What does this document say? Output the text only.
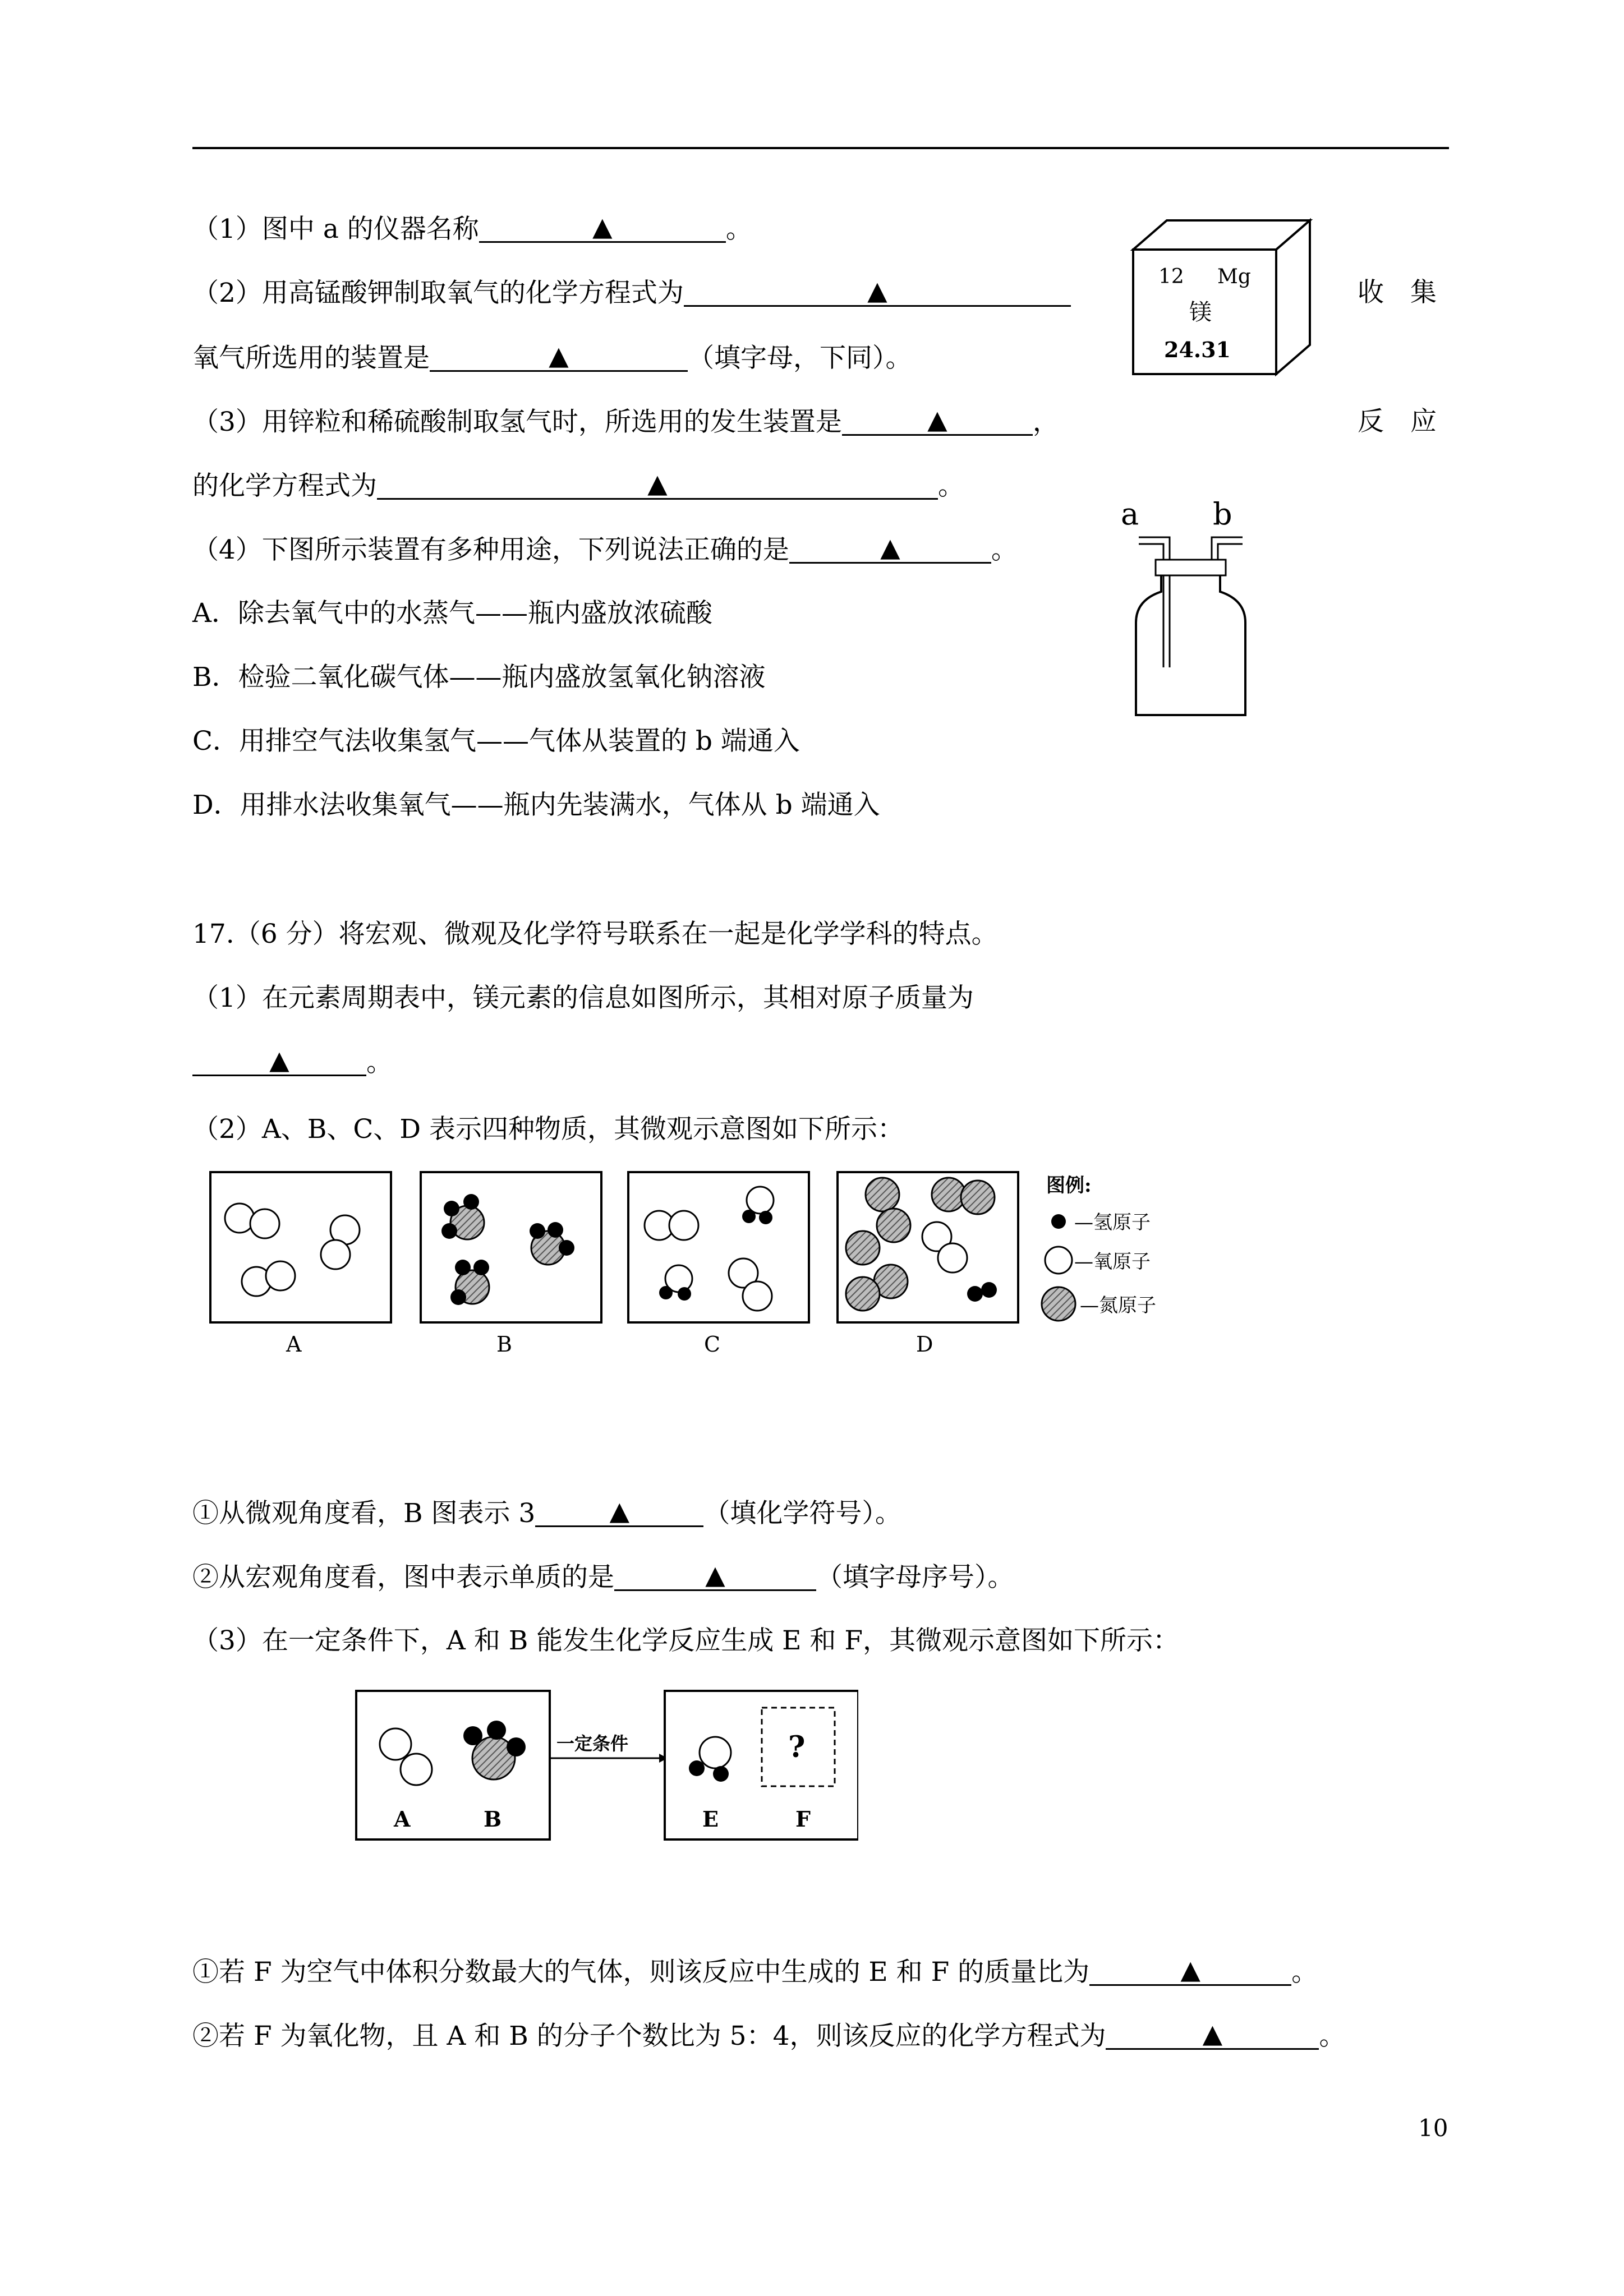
（1）图中 a 的仪器名称	▲	。
（2）用高锰酸钾制取氧气的化学方程式为	▲	收　集
氧气所选用的装置是	▲	（填字母，下同）。
（3）用锌粒和稀硫酸制取氢气时，所选用的发生装置是	▲	，	反　应
的化学方程式为	▲	。
（4）下图所示装置有多种用途，下列说法正确的是	▲	。
A．除去氧气中的水蒸气——瓶内盛放浓硫酸
B．检验二氧化碳气体——瓶内盛放氢氧化钠溶液
C．用排空气法收集氢气——气体从装置的 b 端通入
D．用排水法收集氧气——瓶内先装满水，气体从 b 端通入
12 Mg
镁
24.31
a b
17.（6 分）将宏观、微观及化学符号联系在一起是化学学科的特点。
（1）在元素周期表中，镁元素的信息如图所示，其相对原子质量为
▲	。
（2）A、B、C、D 表示四种物质，其微观示意图如下所示：
A	B	C	D
图例:
—氢原子
—氧原子
—氮原子
①从微观角度看，B 图表示 3	▲	（填化学符号）。
②从宏观角度看，图中表示单质的是	▲	（填字母序号）。
（3）在一定条件下，A 和 B 能发生化学反应生成 E 和 F，其微观示意图如下所示：
A	B
一定条件	?
E	F
①若 F 为空气中体积分数最大的气体，则该反应中生成的 E 和 F 的质量比为	▲	。
②若 F 为氧化物，且 A 和 B 的分子个数比为 5：4，则该反应的化学方程式为	▲	。
10
